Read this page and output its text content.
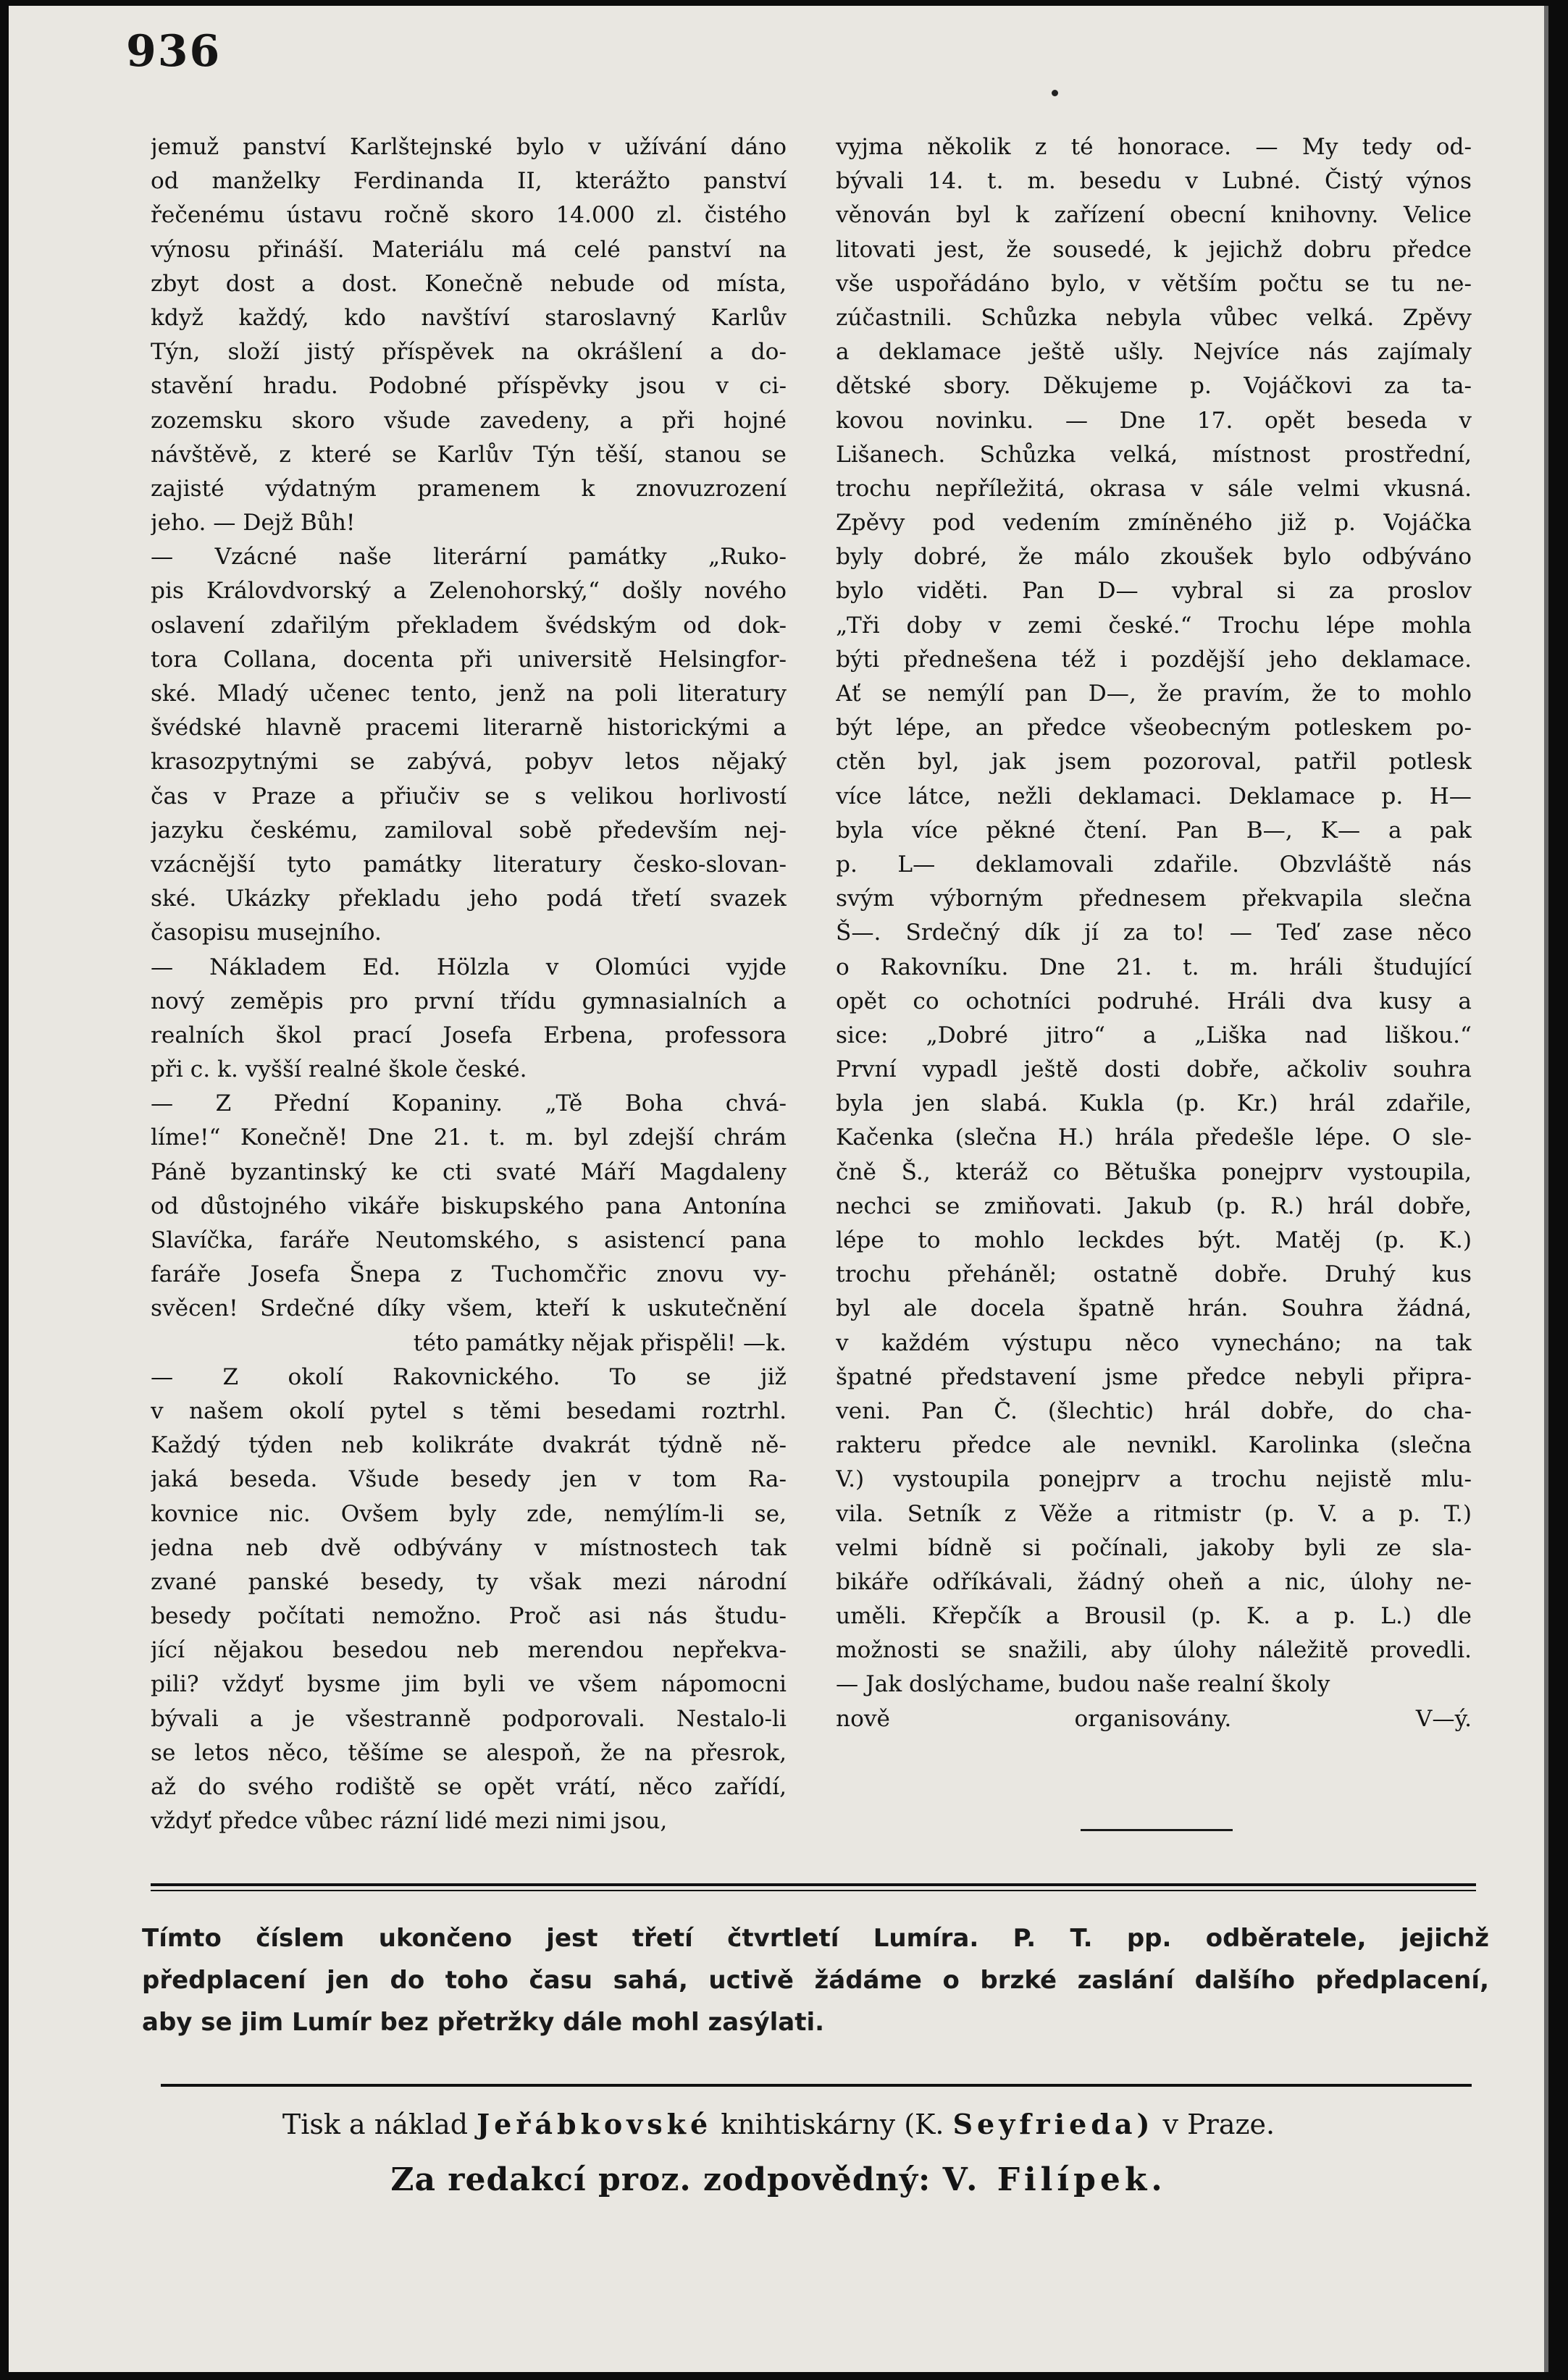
936
jemuž panství Karlštejnské bylo v užívání dáno
od manželky Ferdinanda II, kterážto panství
řečenému ústavu ročně skoro 14.000 zl. čistého
výnosu přináší. Materiálu má celé panství na
zbyt dost a dost. Konečně nebude od místa,
když každý, kdo navštíví staroslavný Karlův
Týn, složí jistý příspěvek na okrášlení a do-
stavění hradu. Podobné příspěvky jsou v ci-
zozemsku skoro všude zavedeny, a při hojné
návštěvě, z které se Karlův Týn těší, stanou se
zajisté výdatným pramenem k znovuzrození
jeho. — Dejž Bůh!
— Vzácné naše literární památky „Ruko-
pis Královdvorský a Zelenohorský,“ došly nového
oslavení zdařilým překladem švédským od dok-
tora Collana, docenta při universitě Helsingfor-
ské. Mladý učenec tento, jenž na poli literatury
švédské hlavně pracemi literarně historickými a
krasozpytnými se zabývá, pobyv letos nějaký
čas v Praze a přiučiv se s velikou horlivostí
jazyku českému, zamiloval sobě především nej-
vzácnější tyto památky literatury česko-slovan-
ské. Ukázky překladu jeho podá třetí svazek
časopisu musejního.
— Nákladem Ed. Hölzla v Olomúci vyjde
nový zeměpis pro první třídu gymnasialních a
realních škol prací Josefa Erbena, professora
při c. k. vyšší realné škole české.
— Z Přední Kopaniny. „Tě Boha chvá-
líme!“ Konečně! Dne 21. t. m. byl zdejší chrám
Páně byzantinský ke cti svaté Máří Magdaleny
od důstojného vikáře biskupského pana Antonína
Slavíčka, faráře Neutomského, s asistencí pana
faráře Josefa Šnepa z Tuchomčřic znovu vy-
svěcen! Srdečné díky všem, kteří k uskutečnění
této památky nějak přispěli! —k.
— Z okolí Rakovnického. To se již
v našem okolí pytel s těmi besedami roztrhl.
Každý týden neb kolikráte dvakrát týdně ně-
jaká beseda. Všude besedy jen v tom Ra-
kovnice nic. Ovšem byly zde, nemýlím-li se,
jedna neb dvě odbývány v místnostech tak
zvané panské besedy, ty však mezi národní
besedy počítati nemožno. Proč asi nás študu-
jící nějakou besedou neb merendou nepřekva-
pili? vždyť bysme jim byli ve všem nápomocni
bývali a je všestranně podporovali. Nestalo-li
se letos něco, těšíme se alespoň, že na přesrok,
až do svého rodiště se opět vrátí, něco zařídí,
vždyť předce vůbec rázní lidé mezi nimi jsou,
vyjma několik z té honorace. — My tedy od-
bývali 14. t. m. besedu v Lubné. Čistý výnos
věnován byl k zařízení obecní knihovny. Velice
litovati jest, že sousedé, k jejichž dobru předce
vše uspořádáno bylo, v větším počtu se tu ne-
zúčastnili. Schůzka nebyla vůbec velká. Zpěvy
a deklamace ještě ušly. Nejvíce nás zajímaly
dětské sbory. Děkujeme p. Vojáčkovi za ta-
kovou novinku. — Dne 17. opět beseda v
Lišanech. Schůzka velká, místnost prostřední,
trochu nepříležitá, okrasa v sále velmi vkusná.
Zpěvy pod vedením zmíněného již p. Vojáčka
byly dobré, že málo zkoušek bylo odbýváno
bylo viděti. Pan D— vybral si za proslov
„Tři doby v zemi české.“ Trochu lépe mohla
býti přednešena též i pozdější jeho deklamace.
Ať se nemýlí pan D—, že pravím, že to mohlo
být lépe, an předce všeobecným potleskem po-
ctěn byl, jak jsem pozoroval, patřil potlesk
více látce, nežli deklamaci. Deklamace p. H—
byla více pěkné čtení. Pan B—, K— a pak
p. L— deklamovali zdařile. Obzvláště nás
svým výborným přednesem překvapila slečna
Š—. Srdečný dík jí za to! — Teď zase něco
o Rakovníku. Dne 21. t. m. hráli študující
opět co ochotníci podruhé. Hráli dva kusy a
sice: „Dobré jitro“ a „Liška nad liškou.“
První vypadl ještě dosti dobře, ačkoliv souhra
byla jen slabá. Kukla (p. Kr.) hrál zdařile,
Kačenka (slečna H.) hrála předešle lépe. O sle-
čně Š., kteráž co Bětuška ponejprv vystoupila,
nechci se zmiňovati. Jakub (p. R.) hrál dobře,
lépe to mohlo leckdes být. Matěj (p. K.)
trochu přeháněl; ostatně dobře. Druhý kus
byl ale docela špatně hrán. Souhra žádná,
v každém výstupu něco vynecháno; na tak
špatné představení jsme předce nebyli připra-
veni. Pan Č. (šlechtic) hrál dobře, do cha-
rakteru předce ale nevnikl. Karolinka (slečna
V.) vystoupila ponejprv a trochu nejistě mlu-
vila. Setník z Věže a ritmistr (p. V. a p. T.)
velmi bídně si počínali, jakoby byli ze sla-
bikáře odříkávali, žádný oheň a nic, úlohy ne-
uměli. Křepčík a Brousil (p. K. a p. L.) dle
možnosti se snažili, aby úlohy náležitě provedli.
— Jak doslýchame, budou naše realní školy
nově organisovány. V—ý.
Tímto číslem ukončeno jest třetí čtvrtletí Lumíra. P. T. pp. odběratele, jejichž
předplacení jen do toho času sahá, uctivě žádáme o brzké zaslání dalšího předplacení,
aby se jim Lumír bez přetržky dále mohl zasýlati.
Tisk a náklad Jeřábkovské knihtiskárny (K. Seyfrieda) v Praze.
Za redakcí proz. zodpovědný: V. Filípek.
